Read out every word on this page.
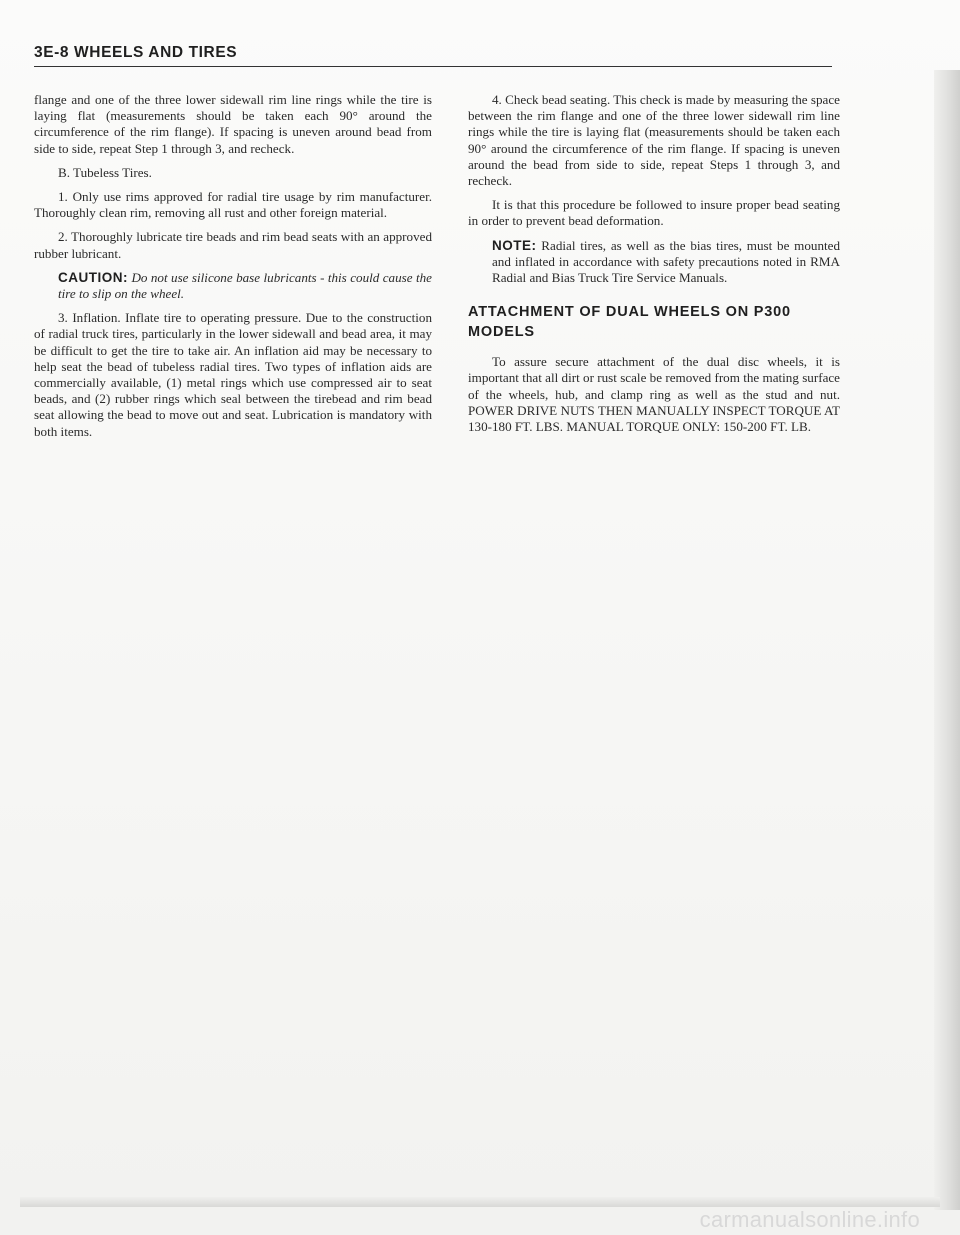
3E-8 WHEELS AND TIRES

flange and one of the three lower sidewall rim line rings while the tire is laying flat (measurements should be taken each 90° around the circumference of the rim flange). If spacing is uneven around bead from side to side, repeat Step 1 through 3, and recheck.

B. Tubeless Tires.

1. Only use rims approved for radial tire usage by rim manufacturer. Thoroughly clean rim, removing all rust and other foreign material.

2. Thoroughly lubricate tire beads and rim bead seats with an approved rubber lubricant.

CAUTION: Do not use silicone base lubricants - this could cause the tire to slip on the wheel.

3. Inflation. Inflate tire to operating pressure. Due to the construction of radial truck tires, particularly in the lower sidewall and bead area, it may be difficult to get the tire to take air. An inflation aid may be necessary to help seat the bead of tubeless radial tires. Two types of inflation aids are commercially available, (1) metal rings which use compressed air to seat beads, and (2) rubber rings which seal between the tirebead and rim bead seat allowing the bead to move out and seat. Lubrication is mandatory with both items.

4. Check bead seating. This check is made by measuring the space between the rim flange and one of the three lower sidewall rim line rings while the tire is laying flat (measurements should be taken each 90° around the circumference of the rim flange. If spacing is uneven around the bead from side to side, repeat Steps 1 through 3, and recheck.

It is that this procedure be followed to insure proper bead seating in order to prevent bead deformation.

NOTE: Radial tires, as well as the bias tires, must be mounted and inflated in accordance with safety precautions noted in RMA Radial and Bias Truck Tire Service Manuals.
ATTACHMENT OF DUAL WHEELS ON P300 MODELS

To assure secure attachment of the dual disc wheels, it is important that all dirt or rust scale be removed from the mating surface of the wheels, hub, and clamp ring as well as the stud and nut. POWER DRIVE NUTS THEN MANUALLY INSPECT TORQUE AT 130-180 FT. LBS. MANUAL TORQUE ONLY: 150-200 FT. LB.

carmanualsonline.info
